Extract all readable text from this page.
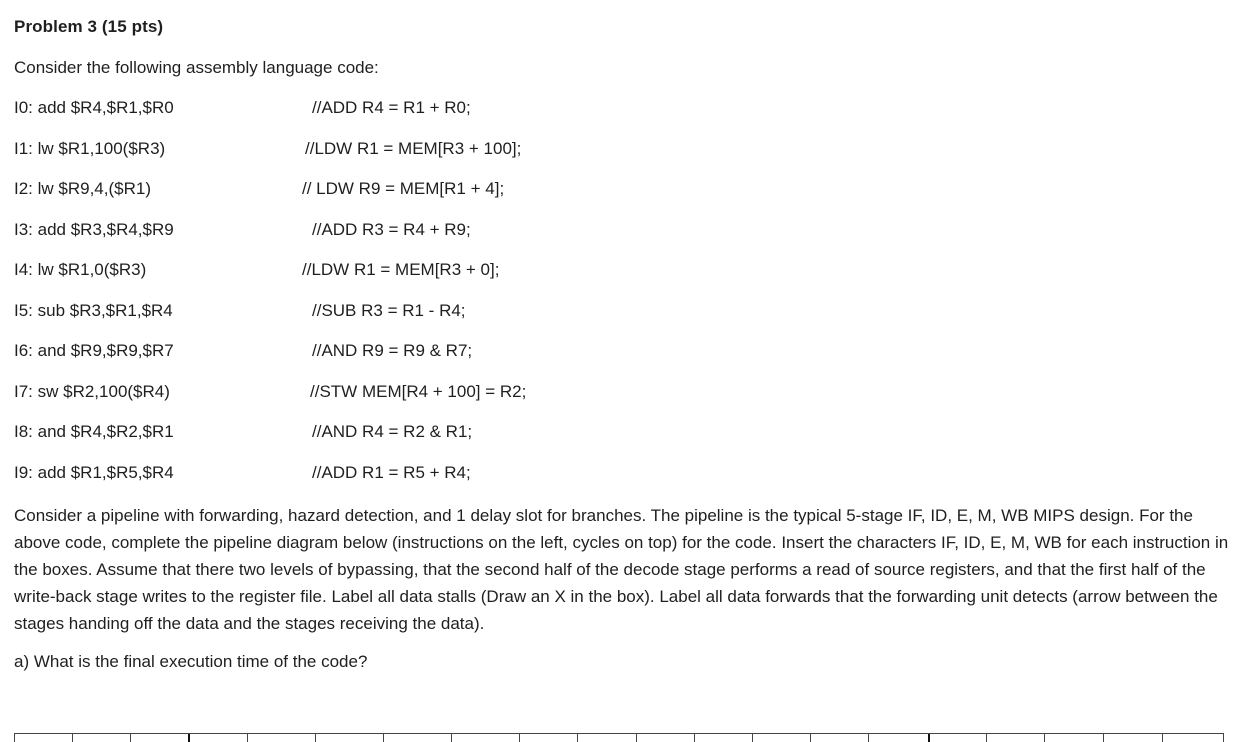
Problem 3 (15 pts)
Consider the following assembly language code:
I0: add $R4,$R1,$R0	//ADD R4 = R1 + R0;
I1: lw $R1,100($R3)	//LDW R1 = MEM[R3 + 100];
I2: lw $R9,4,($R1)	// LDW R9 = MEM[R1 + 4];
I3: add $R3,$R4,$R9	//ADD R3 = R4 + R9;
I4: lw $R1,0($R3)	//LDW R1 = MEM[R3 + 0];
I5: sub $R3,$R1,$R4	//SUB R3 = R1 - R4;
I6: and $R9,$R9,$R7	//AND R9 = R9 & R7;
I7: sw $R2,100($R4)	//STW MEM[R4 + 100] = R2;
I8: and $R4,$R2,$R1	//AND R4 = R2 & R1;
I9: add $R1,$R5,$R4	//ADD R1 = R5 + R4;
Consider a pipeline with forwarding, hazard detection, and 1 delay slot for branches. The pipeline is the typical 5-stage IF, ID, E, M, WB MIPS design. For the above code, complete the pipeline diagram below (instructions on the left, cycles on top) for the code. Insert the characters IF, ID, E, M, WB for each instruction in the boxes. Assume that there two levels of bypassing, that the second half of the decode stage performs a read of source registers, and that the first half of the write-back stage writes to the register file. Label all data stalls (Draw an X in the box). Label all data forwards that the forwarding unit detects (arrow between the stages handing off the data and the stages receiving the data).
a) What is the final execution time of the code?
